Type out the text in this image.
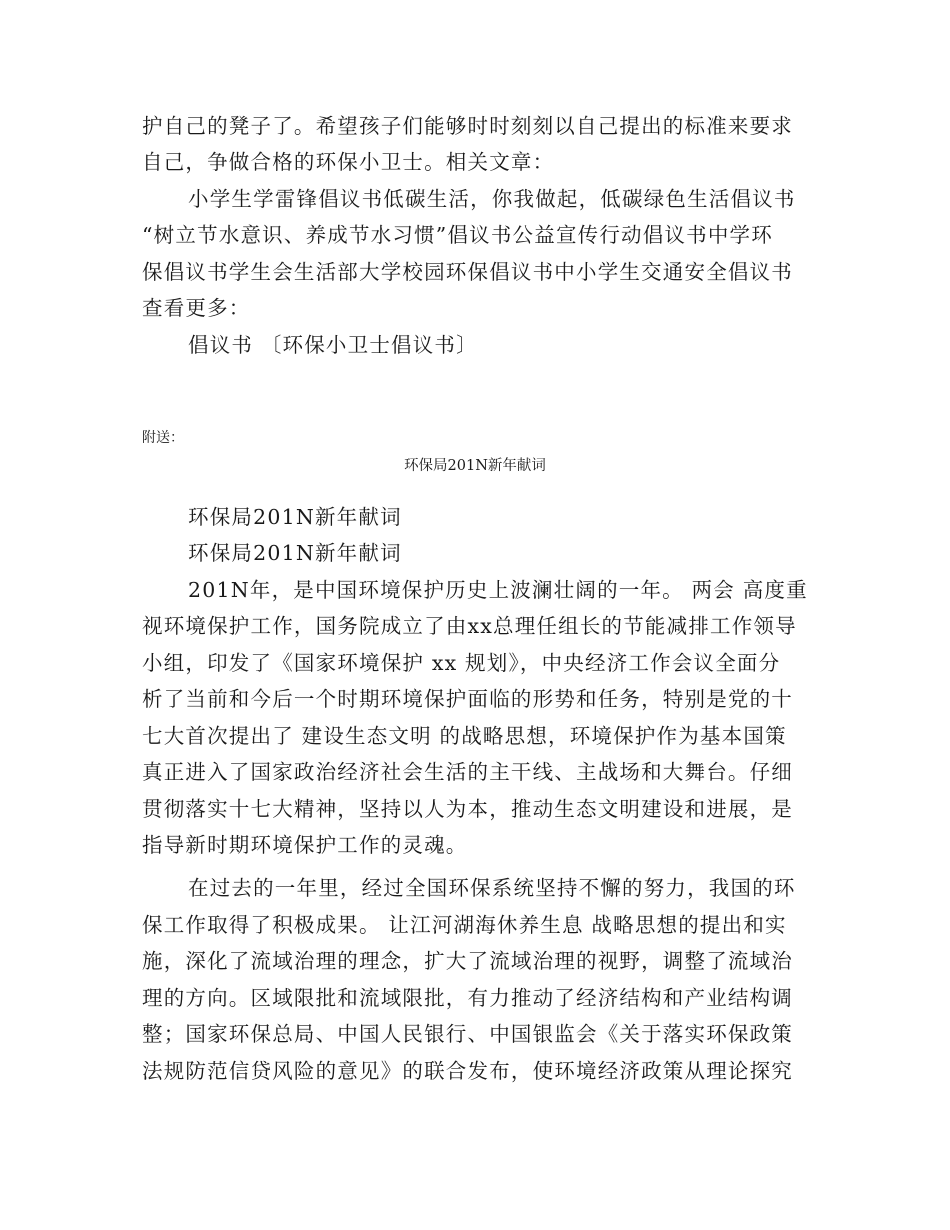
护自己的凳子了。希望孩子们能够时时刻刻以自己提出的标准来要求
自己，争做合格的环保小卫士。相关文章：
小学生学雷锋倡议书低碳生活，你我做起，低碳绿色生活倡议书
“树立节水意识、养成节水习惯”倡议书公益宣传行动倡议书中学环
保倡议书学生会生活部大学校园环保倡议书中小学生交通安全倡议书
查看更多：
倡议书 〔环保小卫士倡议书〕
附送：
环保局201N新年献词
环保局201N新年献词
环保局201N新年献词
201N年，是中国环境保护历史上波澜壮阔的一年。 两会 高度重
视环境保护工作，国务院成立了由xx总理任组长的节能减排工作领导
小组，印发了《国家环境保护 xx 规划》，中央经济工作会议全面分
析了当前和今后一个时期环境保护面临的形势和任务，特别是党的十
七大首次提出了 建设生态文明 的战略思想，环境保护作为基本国策
真正进入了国家政治经济社会生活的主干线、主战场和大舞台。仔细
贯彻落实十七大精神，坚持以人为本，推动生态文明建设和进展，是
指导新时期环境保护工作的灵魂。
在过去的一年里，经过全国环保系统坚持不懈的努力，我国的环
保工作取得了积极成果。 让江河湖海休养生息 战略思想的提出和实
施，深化了流域治理的理念，扩大了流域治理的视野，调整了流域治
理的方向。区域限批和流域限批，有力推动了经济结构和产业结构调
整；国家环保总局、中国人民银行、中国银监会《关于落实环保政策
法规防范信贷风险的意见》的联合发布，使环境经济政策从理论探究
